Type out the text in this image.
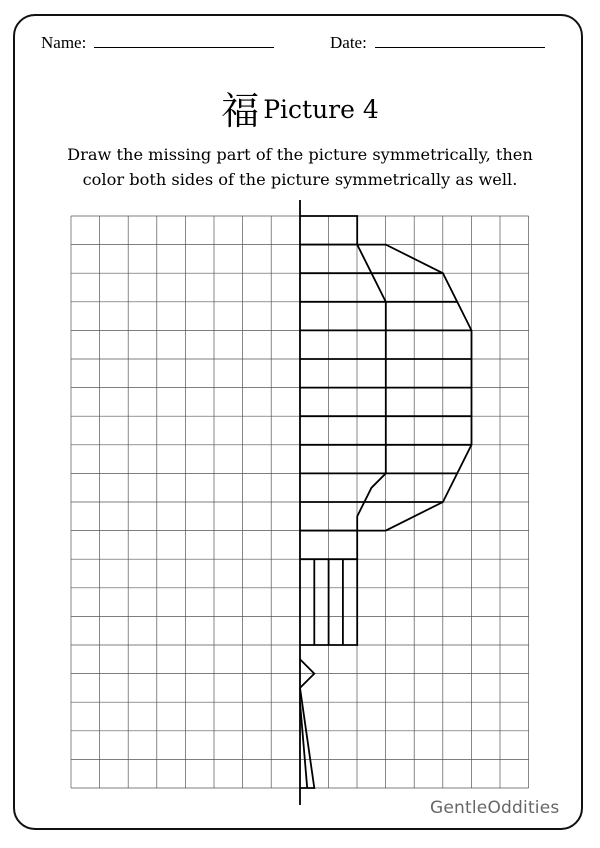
Name:	Date:
福 Picture 4
Draw the missing part of the picture symmetrically, then
color both sides of the picture symmetrically as well.
GentleOddities
